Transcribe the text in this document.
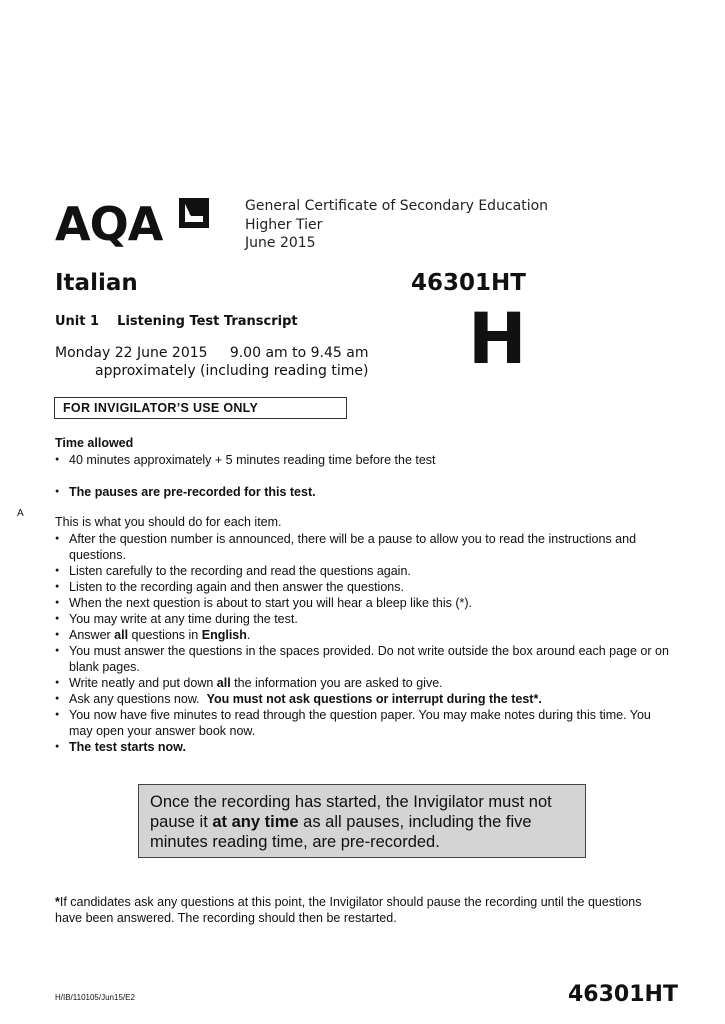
AQA	General Certificate of Secondary Education
Higher Tier
June 2015
Italian	46301HT
H
Unit 1 Listening Test Transcript
Monday 22 June 2015 9.00 am to 9.45 am
approximately (including reading time)
FOR INVIGILATOR’S USE ONLY
Time allowed
● 40 minutes approximately + 5 minutes reading time before the test
● The pauses are pre-recorded for this test.
A
This is what you should do for each item.
● After the question number is announced, there will be a pause to allow you to read the instructions and questions.
● Listen carefully to the recording and read the questions again.
● Listen to the recording again and then answer the questions.
● When the next question is about to start you will hear a bleep like this (*).
● You may write at any time during the test.
● Answer all questions in English.
● You must answer the questions in the spaces provided. Do not write outside the box around each page or on blank pages.
● Write neatly and put down all the information you are asked to give.
● Ask any questions now.  You must not ask questions or interrupt during the test*.
● You now have five minutes to read through the question paper. You may make notes during this time. You may open your answer book now.
● The test starts now.
Once the recording has started, the Invigilator must not pause it at any time as all pauses, including the five minutes reading time, are pre-recorded.
*If candidates ask any questions at this point, the Invigilator should pause the recording until the questions have been answered. The recording should then be restarted.
H/IB/110105/Jun15/E2	46301HT
